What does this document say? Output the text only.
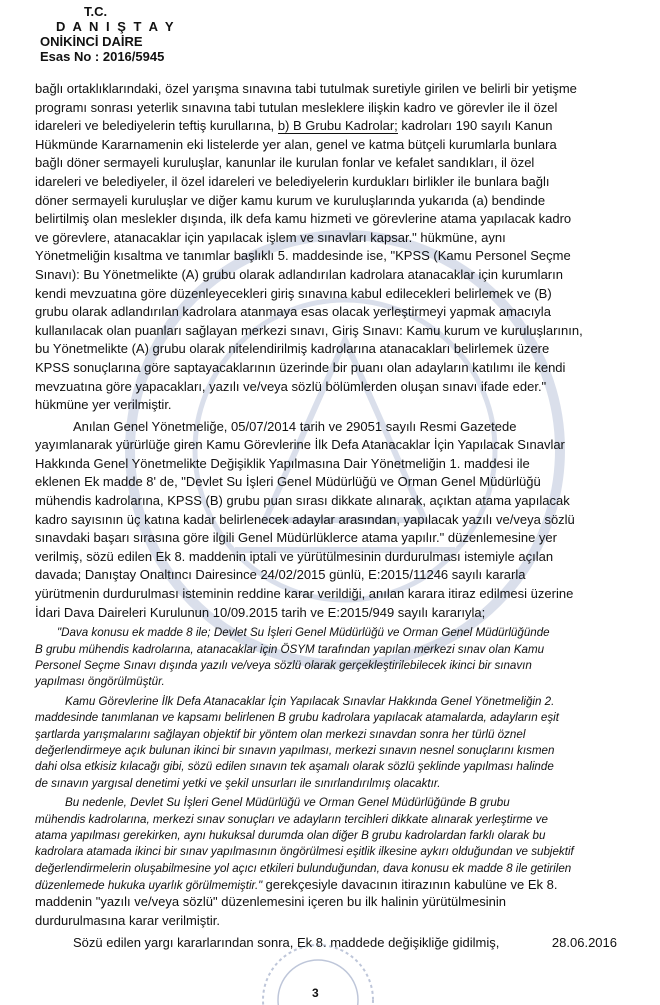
T.C.
D A N I Ş T A Y
ONİKİNCİ DAİRE
Esas No : 2016/5945
bağlı ortaklıklarındaki, özel yarışma sınavına tabi tutulmak suretiyle girilen ve belirli bir yetişme
programı sonrası yeterlik sınavına tabi tutulan mesleklere ilişkin kadro ve görevler ile il özel
idareleri ve belediyelerin teftiş kurullarına, b) B Grubu Kadrolar; kadroları 190 sayılı Kanun
Hükmünde Kararnamenin eki listelerde yer alan, genel ve katma bütçeli kurumlarla bunlara
bağlı döner sermayeli kuruluşlar, kanunlar ile kurulan fonlar ve kefalet sandıkları, il özel
idareleri ve belediyeler, il özel idareleri ve belediyelerin kurdukları birlikler ile bunlara bağlı
döner sermayeli kuruluşlar ve diğer kamu kurum ve kuruluşlarında yukarıda (a) bendinde
belirtilmiş olan meslekler dışında, ilk defa kamu hizmeti ve görevlerine atama yapılacak kadro
ve görevlere, atanacaklar için yapılacak işlem ve sınavları kapsar." hükmüne, aynı
Yönetmeliğin kısaltma ve tanımlar başlıklı 5. maddesinde ise, "KPSS (Kamu Personel Seçme
Sınavı): Bu Yönetmelikte (A) grubu olarak adlandırılan kadrolara atanacaklar için kurumların
kendi mevzuatına göre düzenleyecekleri giriş sınavına kabul edilecekleri belirlemek ve (B)
grubu olarak adlandırılan kadrolara atanmaya esas olacak yerleştirmeyi yapmak amacıyla
kullanılacak olan puanları sağlayan merkezi sınavı, Giriş Sınavı: Kamu kurum ve kuruluşlarının,
bu Yönetmelikte (A) grubu olarak nitelendirilmiş kadrolarına atanacakları belirlemek üzere
KPSS sonuçlarına göre saptayacaklarının üzerinde bir puanı olan adayların katılımı ile kendi
mevzuatına göre yapacakları, yazılı ve/veya sözlü bölümlerden oluşan sınavı ifade eder."
hükmüne yer verilmiştir.
Anılan Genel Yönetmeliğe, 05/07/2014 tarih ve 29051 sayılı Resmi Gazetede
yayımlanarak yürürlüğe giren Kamu Görevlerine İlk Defa Atanacaklar İçin Yapılacak Sınavlar
Hakkında Genel Yönetmelikte Değişiklik Yapılmasına Dair Yönetmeliğin 1. maddesi ile
eklenen Ek madde 8' de, "Devlet Su İşleri Genel Müdürlüğü ve Orman Genel Müdürlüğü
mühendis kadrolarına, KPSS (B) grubu puan sırası dikkate alınarak, açıktan atama yapılacak
kadro sayısının üç katına kadar belirlenecek adaylar arasından, yapılacak yazılı ve/veya sözlü
sınavdaki başarı sırasına göre ilgili Genel Müdürlüklerce atama yapılır." düzenlemesine yer
verilmiş, sözü edilen Ek 8. maddenin iptali ve yürütülmesinin durdurulması istemiyle açılan
davada; Danıştay Onaltıncı Dairesince 24/02/2015 günlü, E:2015/11246 sayılı kararla
yürütmenin durdurulması isteminin reddine karar verildiği, anılan karara itiraz edilmesi üzerine
İdari Dava Daireleri Kurulunun 10/09.2015 tarih ve E:2015/949 sayılı kararıyla;
"Dava konusu ek madde 8 ile; Devlet Su İşleri Genel Müdürlüğü ve Orman Genel Müdürlüğünde
B grubu mühendis kadrolarına, atanacaklar için ÖSYM tarafından yapılan merkezi sınav olan Kamu
Personel Seçme Sınavı dışında yazılı ve/veya sözlü olarak gerçekleştirilebilecek ikinci bir sınavın
yapılması öngörülmüştür.
Kamu Görevlerine İlk Defa Atanacaklar İçin Yapılacak Sınavlar Hakkında Genel Yönetmeliğin 2.
maddesinde tanımlanan ve kapsamı belirlenen B grubu kadrolara yapılacak atamalarda, adayların eşit
şartlarda yarışmalarını sağlayan objektif bir yöntem olan merkezi sınavdan sonra her türlü öznel
değerlendirmeye açık bulunan ikinci bir sınavın yapılması, merkezi sınavın nesnel sonuçlarını kısmen
dahi olsa etkisiz kılacağı gibi, sözü edilen sınavın tek aşamalı olarak sözlü şeklinde yapılması halinde
de sınavın yargısal denetimi yetki ve şekil unsurları ile sınırlandırılmış olacaktır.
Bu nedenle, Devlet Su İşleri Genel Müdürlüğü ve Orman Genel Müdürlüğünde B grubu
mühendis kadrolarına, merkezi sınav sonuçları ve adayların tercihleri dikkate alınarak yerleştirme ve
atama yapılması gerekirken, aynı hukuksal durumda olan diğer B grubu kadrolardan farklı olarak bu
kadrolara atamada ikinci bir sınav yapılmasının öngörülmesi eşitlik ilkesine aykırı olduğundan ve subjektif
değerlendirmelerin oluşabilmesine yol açıcı etkileri bulunduğundan, dava konusu ek madde 8 ile getirilen
düzenlemede hukuka uyarlık görülmemiştir." gerekçesiyle davacının itirazının kabulüne ve Ek 8.
maddenin "yazılı ve/veya sözlü" düzenlemesini içeren bu ilk halinin yürütülmesinin
durdurulmasına karar verilmiştir.
Sözü edilen yargı kararlarından sonra, Ek 8. maddede değişikliğe gidilmiş,	28.06.2016
3
